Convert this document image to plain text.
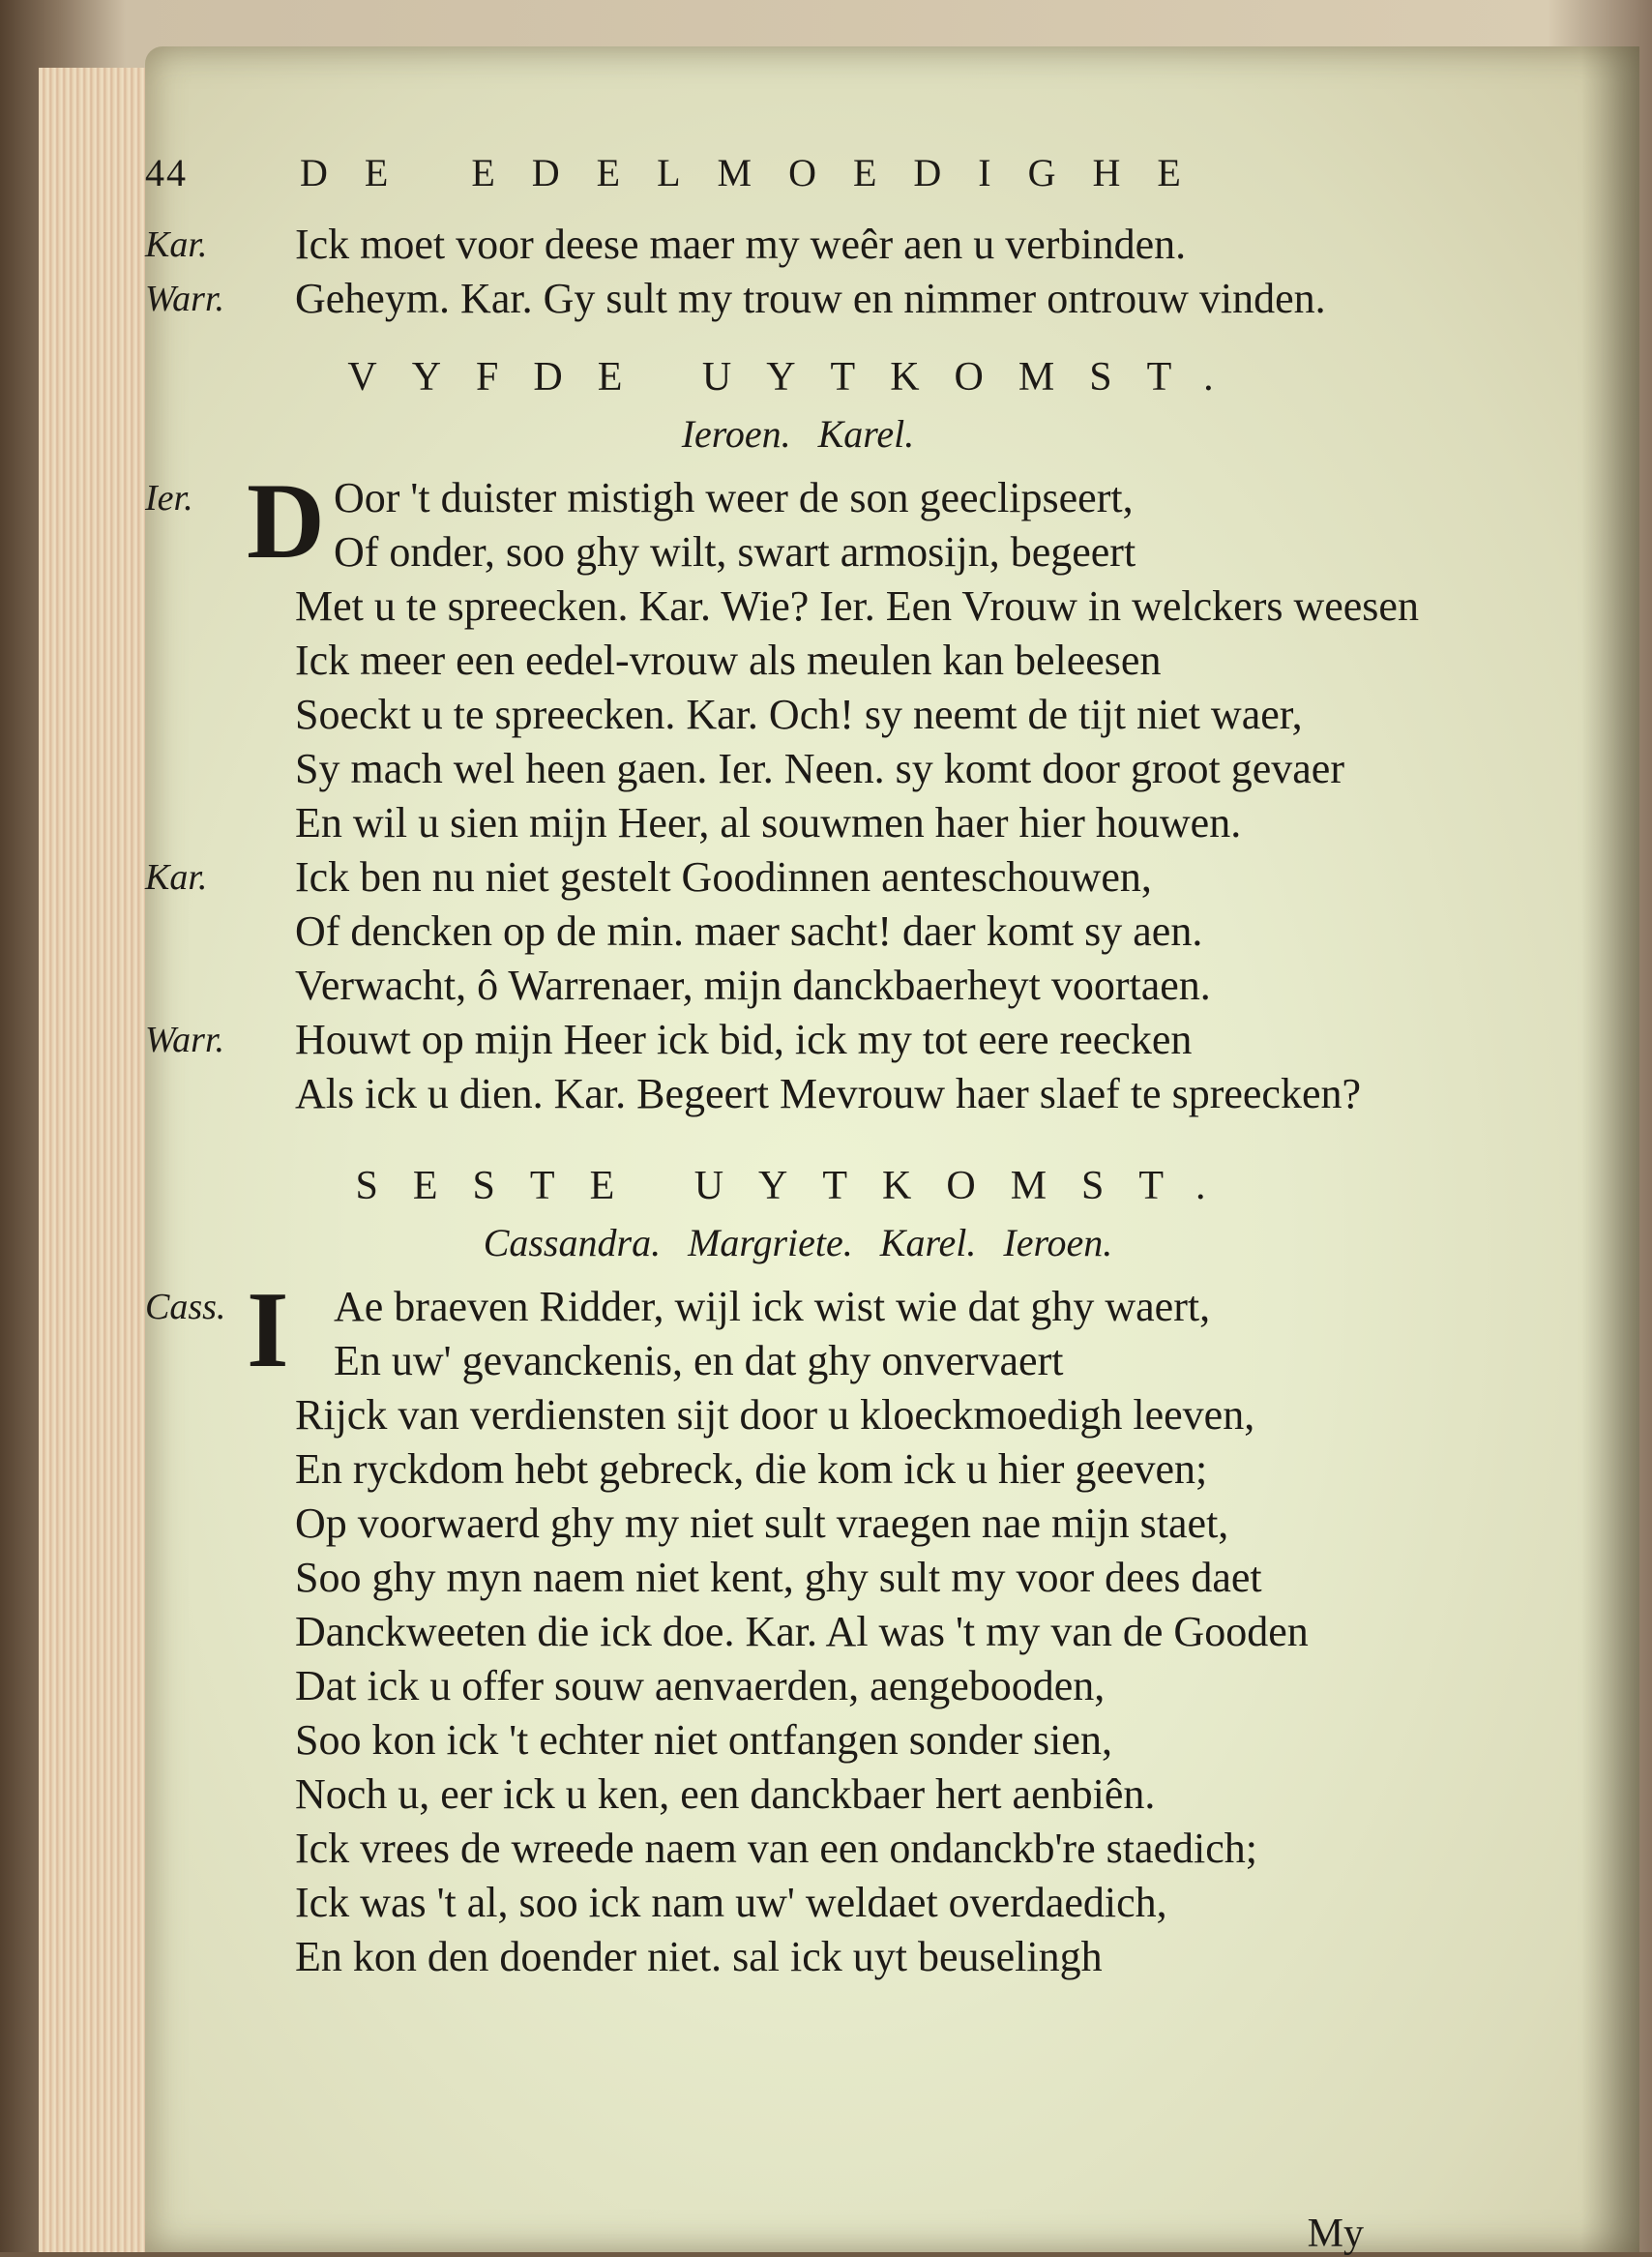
44	DE EDELMOEDIGHE
Kar. Ick moet voor deese maer my weêr aen u verbinden.
Warr. Geheym. Kar. Gy sult my trouw en nimmer ontrouw vinden.
VYFDE UYTKOMST.
Ieroen. Karel.
Ier. D Oor 't duister mistigh weer de son geeclipseert,
Of onder, soo ghy wilt, swart armosijn, begeert
Met u te spreecken. Kar. Wie? Ier. Een Vrouw in welckers weesen
Ick meer een eedel-vrouw als meulen kan beleesen
Soeckt u te spreecken. Kar. Och! sy neemt de tijt niet waer,
Sy mach wel heen gaen. Ier. Neen. sy komt door groot gevaer
En wil u sien mijn Heer, al souwmen haer hier houwen.
Kar. Ick ben nu niet gestelt Goodinnen aenteschouwen,
Of dencken op de min. maer sacht! daer komt sy aen.
Verwacht, ô Warrenaer, mijn danckbaerheyt voortaen.
Warr. Houwt op mijn Heer ick bid, ick my tot eere reecken
Als ick u dien. Kar. Begeert Mevrouw haer slaef te spreecken?
SESTE UYTKOMST.
Cassandra. Margriete. Karel. Ieroen.
Cass. I Ae braeven Ridder, wijl ick wist wie dat ghy waert,
En uw' gevanckenis, en dat ghy onvervaert
Rijck van verdiensten sijt door u kloeckmoedigh leeven,
En ryckdom hebt gebreck, die kom ick u hier geeven;
Op voorwaerd ghy my niet sult vraegen nae mijn staet,
Soo ghy myn naem niet kent, ghy sult my voor dees daet
Danckweeten die ick doe. Kar. Al was 't my van de Gooden
Dat ick u offer souw aenvaerden, aengebooden,
Soo kon ick 't echter niet ontfangen sonder sien,
Noch u, eer ick u ken, een danckbaer hert aenbiên.
Ick vrees de wreede naem van een ondanckb're staedich;
Ick was 't al, soo ick nam uw' weldaet overdaedich,
En kon den doender niet. sal ick uyt beuselingh
My
